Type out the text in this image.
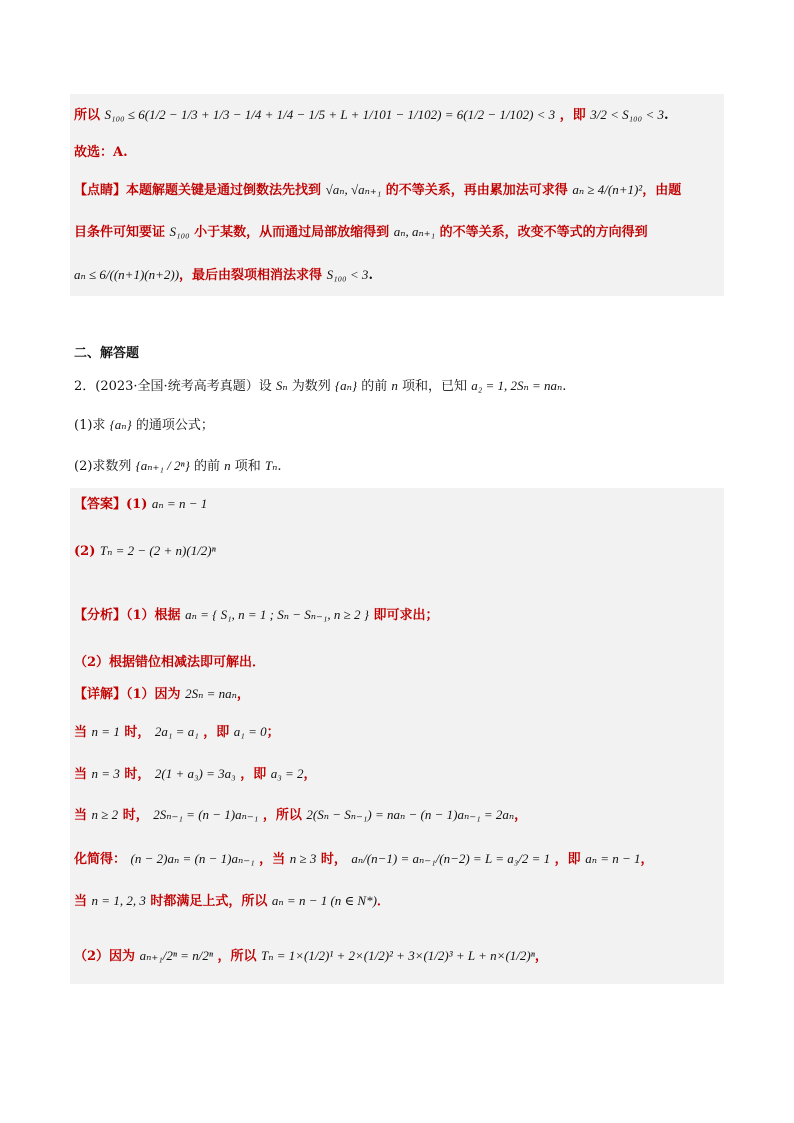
所以 S₁₀₀ ≤ 6(1/2 − 1/3 + 1/3 − 1/4 + 1/4 − 1/5 + L + 1/101 − 1/102) = 6(1/2 − 1/102) < 3 ，即 3/2 < S₁₀₀ < 3.
故选：A.
【点睛】本题解题关键是通过倒数法先找到 √aₙ, √aₙ₊₁ 的不等关系，再由累加法可求得 aₙ ≥ 4/(n+1)²，由题
目条件可知要证 S₁₀₀ 小于某数，从而通过局部放缩得到 aₙ, aₙ₊₁ 的不等关系，改变不等式的方向得到
aₙ ≤ 6/((n+1)(n+2))，最后由裂项相消法求得 S₁₀₀ < 3.
二、解答题
2．(2023·全国·统考高考真题）设 Sₙ 为数列 {aₙ} 的前 n 项和，已知 a₂ = 1, 2Sₙ = naₙ.
(1)求 {aₙ} 的通项公式；
(2)求数列 {aₙ₊₁ / 2ⁿ} 的前 n 项和 Tₙ.
【答案】(1) aₙ = n − 1
(2) Tₙ = 2 − (2 + n)(1/2)ⁿ
【分析】（1）根据 aₙ = { S₁, n = 1 ; Sₙ − Sₙ₋₁, n ≥ 2 } 即可求出；
（2）根据错位相减法即可解出．
【详解】（1）因为 2Sₙ = naₙ，
当 n = 1 时， 2a₁ = a₁ ，即 a₁ = 0；
当 n = 3 时， 2(1 + a₃) = 3a₃ ，即 a₃ = 2，
当 n ≥ 2 时， 2Sₙ₋₁ = (n − 1)aₙ₋₁ ，所以 2(Sₙ − Sₙ₋₁) = naₙ − (n − 1)aₙ₋₁ = 2aₙ，
化简得： (n − 2)aₙ = (n − 1)aₙ₋₁ ，当 n ≥ 3 时， aₙ/(n−1) = aₙ₋₁/(n−2) = L = a₃/2 = 1 ，即 aₙ = n − 1，
当 n = 1, 2, 3 时都满足上式，所以 aₙ = n − 1 (n ∈ N*)．
（2）因为 aₙ₊₁/2ⁿ = n/2ⁿ ，所以 Tₙ = 1×(1/2)¹ + 2×(1/2)² + 3×(1/2)³ + L + n×(1/2)ⁿ，
